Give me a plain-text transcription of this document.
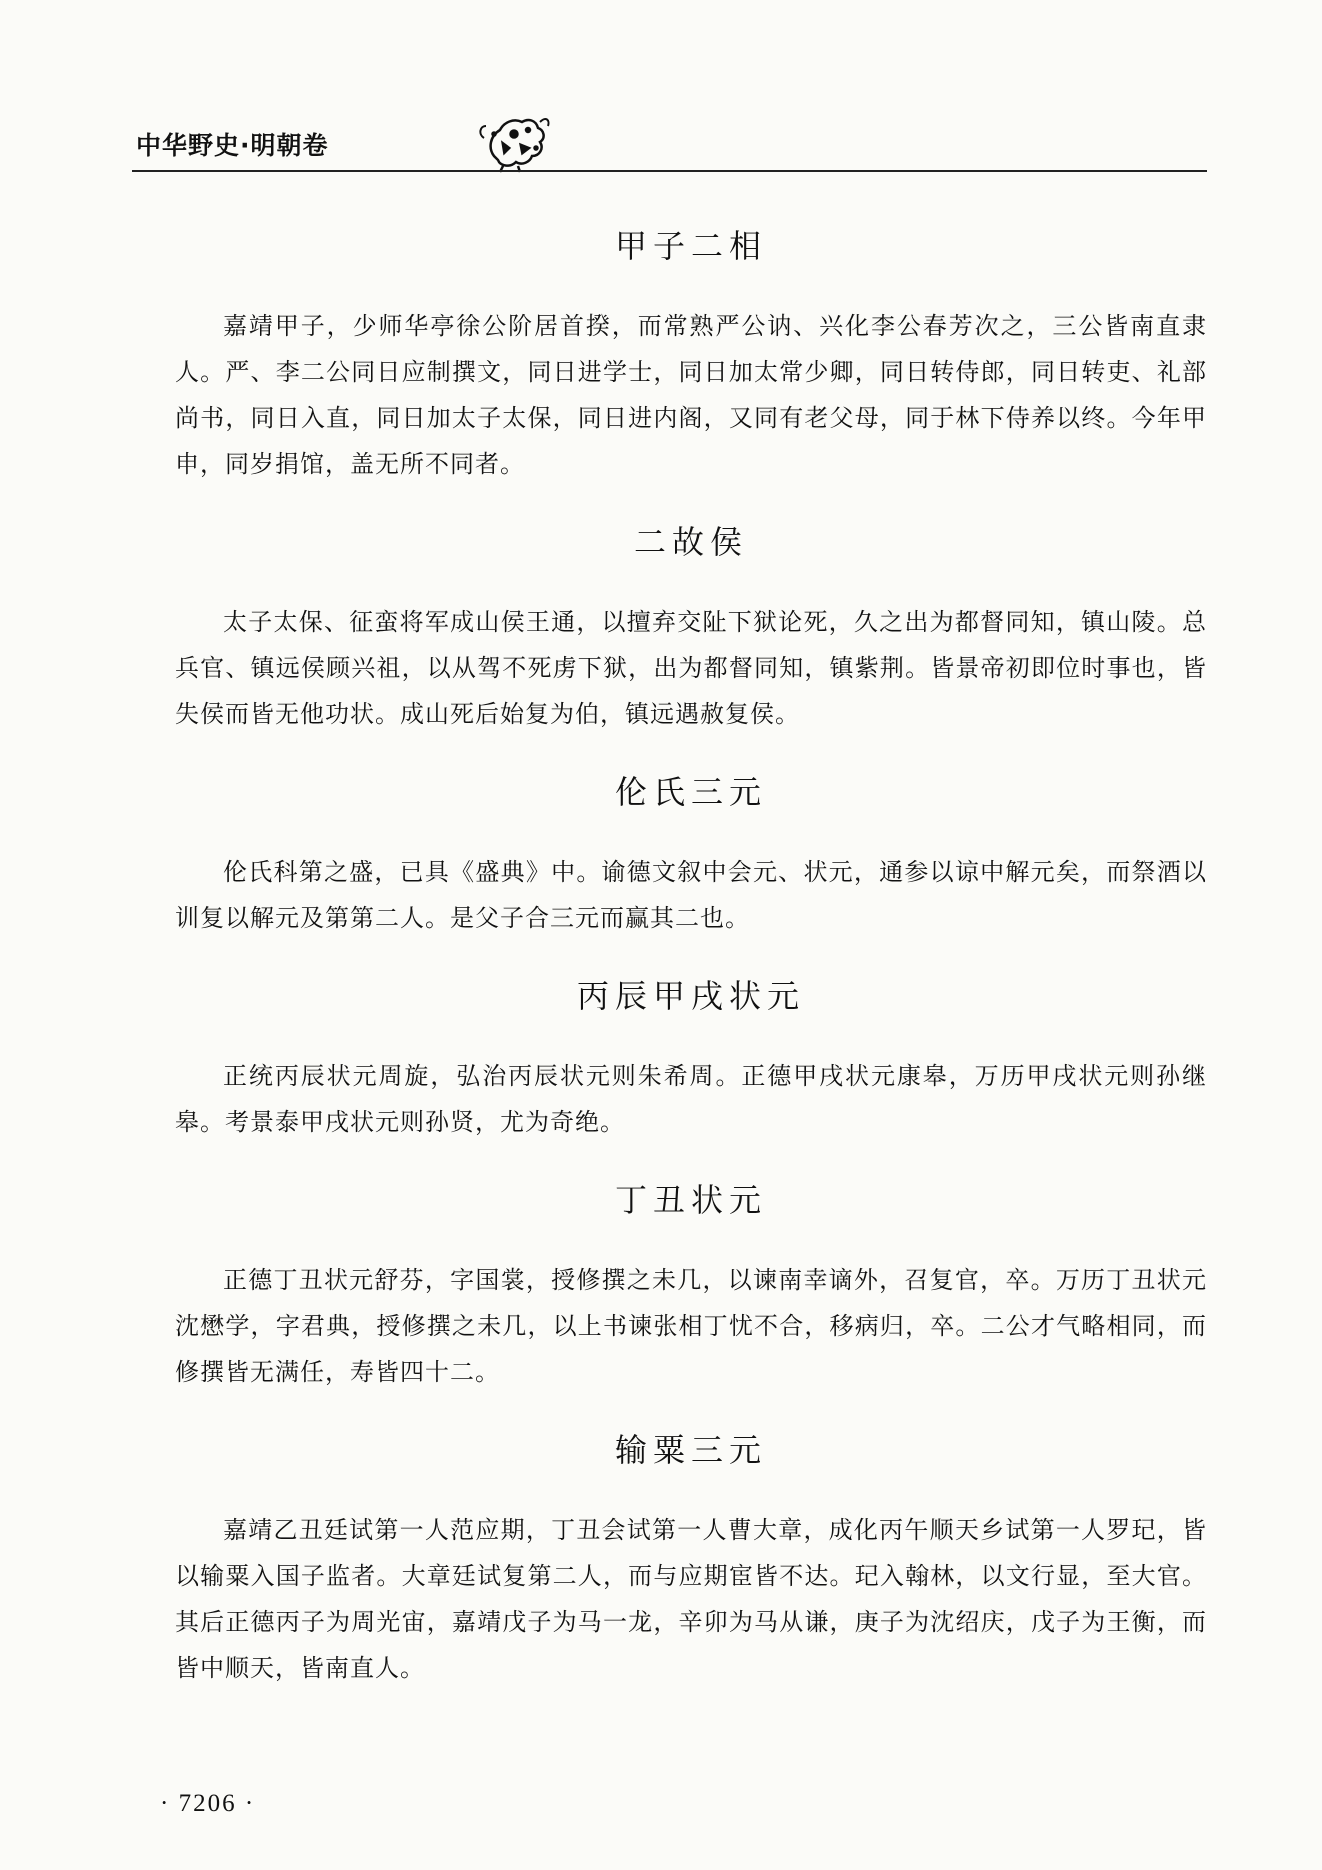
中华野史·明朝卷
甲子二相

嘉靖甲子，少师华亭徐公阶居首揆，而常熟严公讷、兴化李公春芳次之，三公皆南直隶人。严、李二公同日应制撰文，同日进学士，同日加太常少卿，同日转侍郎，同日转吏、礼部尚书，同日入直，同日加太子太保，同日进内阁，又同有老父母，同于林下侍养以终。今年甲申，同岁捐馆，盖无所不同者。

二故侯

太子太保、征蛮将军成山侯王通，以擅弃交阯下狱论死，久之出为都督同知，镇山陵。总兵官、镇远侯顾兴祖，以从驾不死虏下狱，出为都督同知，镇紫荆。皆景帝初即位时事也，皆失侯而皆无他功状。成山死后始复为伯，镇远遇赦复侯。

伦氏三元

伦氏科第之盛，已具《盛典》中。谕德文叙中会元、状元，通参以谅中解元矣，而祭酒以训复以解元及第第二人。是父子合三元而赢其二也。

丙辰甲戌状元

正统丙辰状元周旋，弘治丙辰状元则朱希周。正德甲戌状元康皋，万历甲戌状元则孙继皋。考景泰甲戌状元则孙贤，尤为奇绝。

丁丑状元

正德丁丑状元舒芬，字国裳，授修撰之未几，以谏南幸谪外，召复官，卒。万历丁丑状元沈懋学，字君典，授修撰之未几，以上书谏张相丁忧不合，移病归，卒。二公才气略相同，而修撰皆无满任，寿皆四十二。

输粟三元

嘉靖乙丑廷试第一人范应期，丁丑会试第一人曹大章，成化丙午顺天乡试第一人罗玘，皆以输粟入国子监者。大章廷试复第二人，而与应期宦皆不达。玘入翰林，以文行显，至大官。其后正德丙子为周光宙，嘉靖戊子为马一龙，辛卯为马从谦，庚子为沈绍庆，戊子为王衡，而皆中顺天，皆南直人。

· 7206 ·
